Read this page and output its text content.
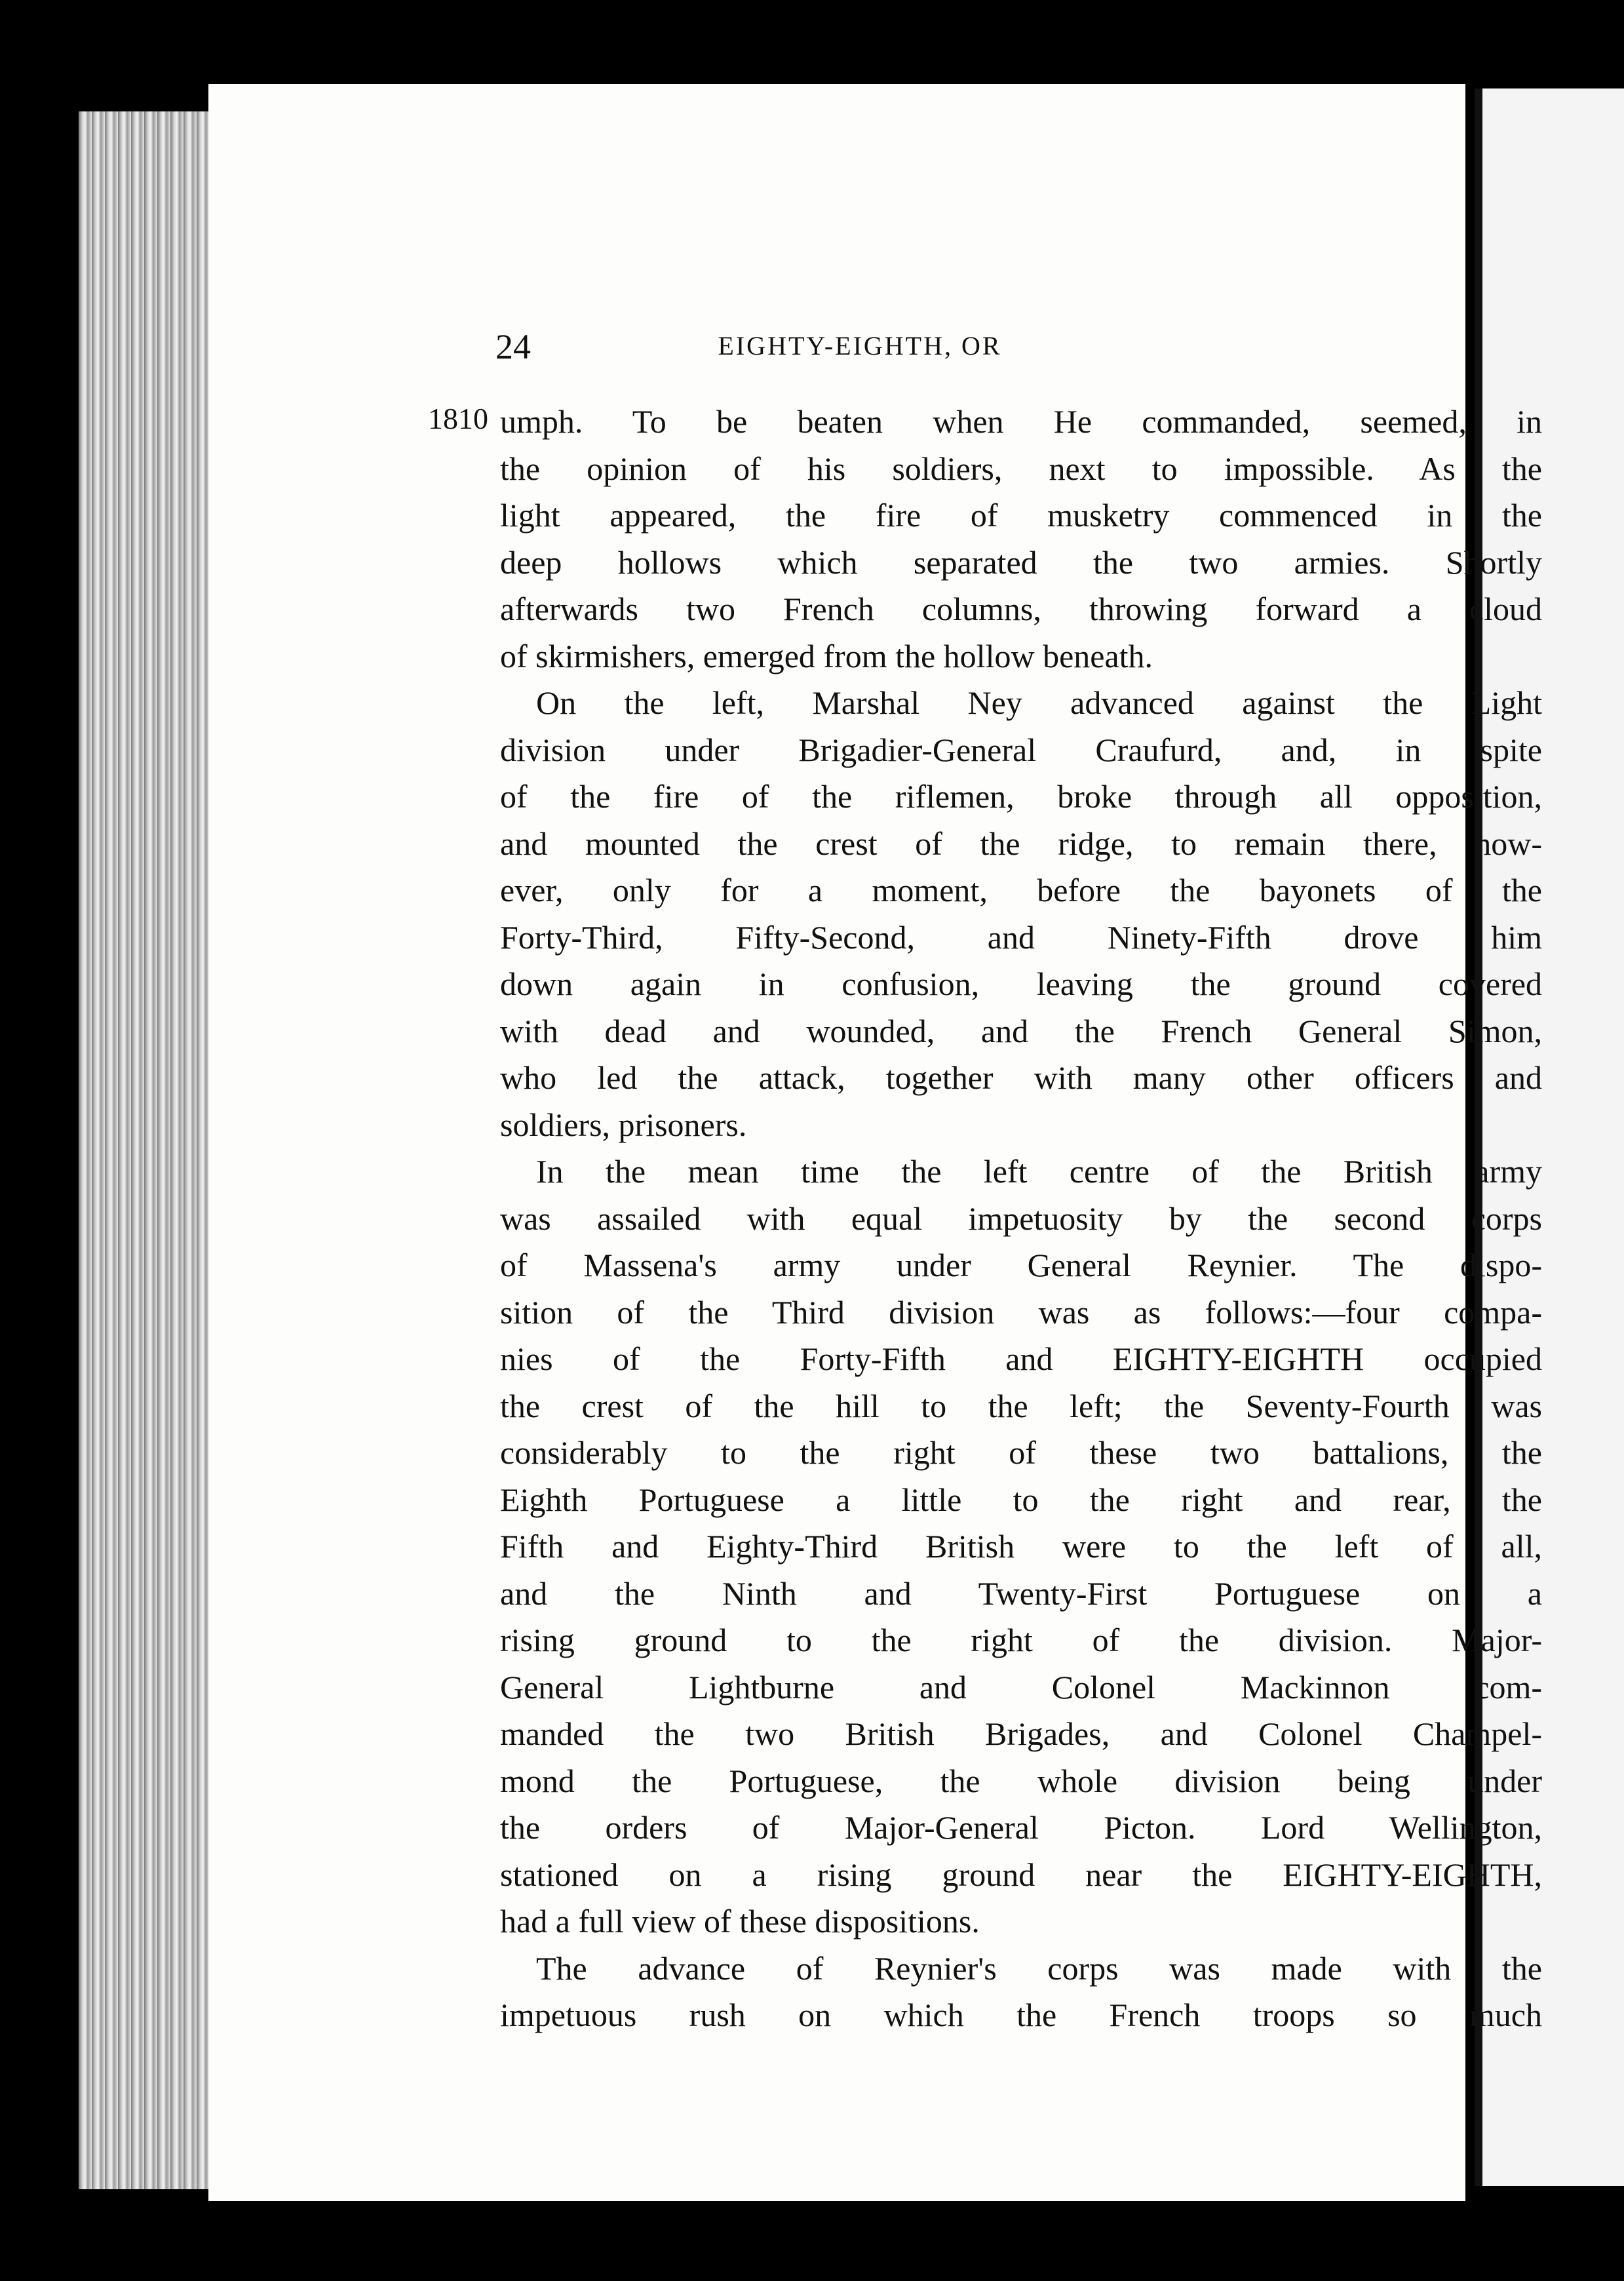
24	EIGHTY-EIGHTH, OR
1810 umph. To be beaten when He commanded, seemed, in
the opinion of his soldiers, next to impossible. As the
light appeared, the fire of musketry commenced in the
deep hollows which separated the two armies. Shortly
afterwards two French columns, throwing forward a cloud
of skirmishers, emerged from the hollow beneath.
On the left, Marshal Ney advanced against the Light
division under Brigadier-General Craufurd, and, in spite
of the fire of the riflemen, broke through all opposition,
and mounted the crest of the ridge, to remain there, how-
ever, only for a moment, before the bayonets of the
Forty-Third, Fifty-Second, and Ninety-Fifth drove him
down again in confusion, leaving the ground covered
with dead and wounded, and the French General Simon,
who led the attack, together with many other officers and
soldiers, prisoners.
In the mean time the left centre of the British army
was assailed with equal impetuosity by the second corps
of Massena's army under General Reynier. The dispo-
sition of the Third division was as follows:—four compa-
nies of the Forty-Fifth and EIGHTY-EIGHTH occupied
the crest of the hill to the left; the Seventy-Fourth was
considerably to the right of these two battalions, the
Eighth Portuguese a little to the right and rear, the
Fifth and Eighty-Third British were to the left of all,
and the Ninth and Twenty-First Portuguese on a
rising ground to the right of the division. Major-
General Lightburne and Colonel Mackinnon com-
manded the two British Brigades, and Colonel Champel-
mond the Portuguese, the whole division being under
the orders of Major-General Picton. Lord Wellington,
stationed on a rising ground near the EIGHTY-EIGHTH,
had a full view of these dispositions.
The advance of Reynier's corps was made with the
impetuous rush on which the French troops so much
